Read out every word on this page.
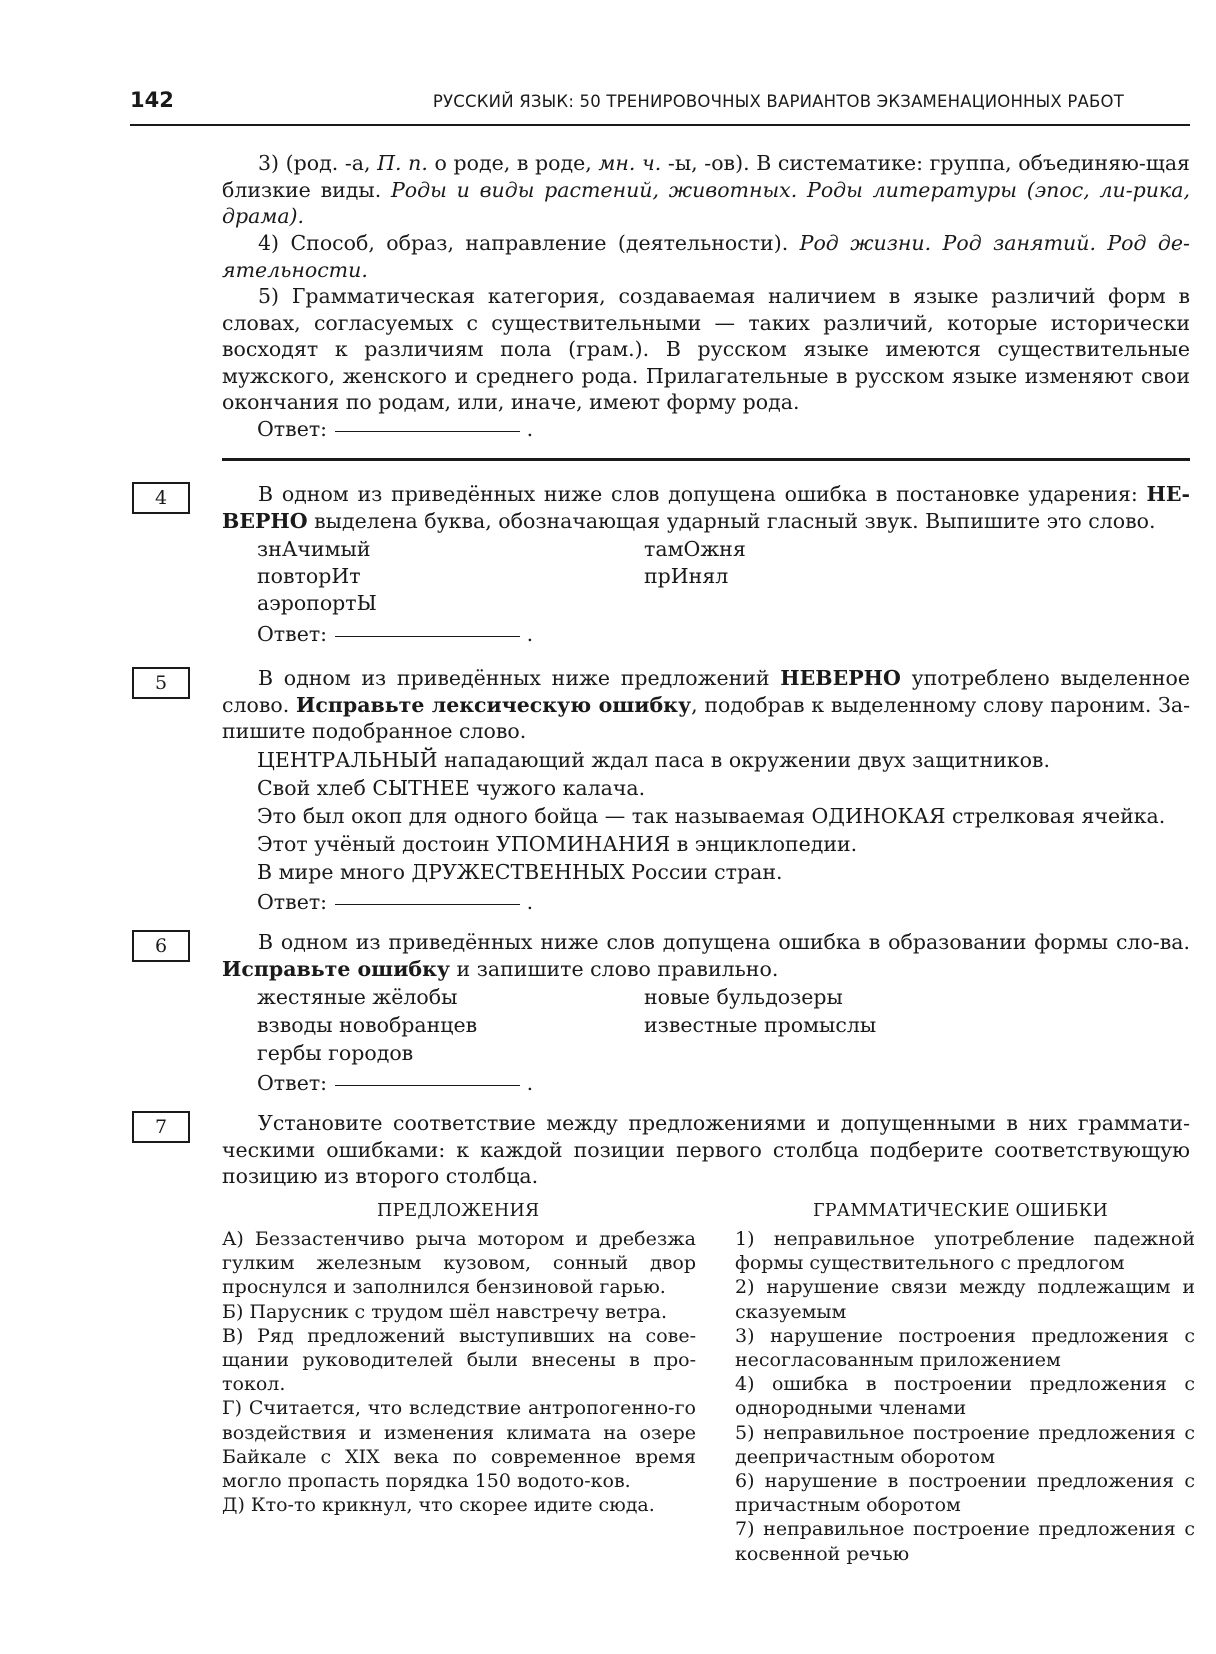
142	РУССКИЙ ЯЗЫК: 50 ТРЕНИРОВОЧНЫХ ВАРИАНТОВ ЭКЗАМЕНАЦИОННЫХ РАБОТ
3) (род. -а, П. п. о роде, в роде, мн. ч. -ы, -ов). В систематике: группа, объединяю-щая близкие виды. Роды и виды растений, животных. Роды литературы (эпос, ли-рика, драма).
4) Способ, образ, направление (деятельности). Род жизни. Род занятий. Род де-ятельности.
5) Грамматическая категория, создаваемая наличием в языке различий форм в словах, согласуемых с существительными — таких различий, которые исторически восходят к различиям пола (грам.). В русском языке имеются существительные мужского, женского и среднего рода. Прилагательные в русском языке изменяют свои окончания по родам, или, иначе, имеют форму рода.
Ответ:	.
4	В одном из приведённых ниже слов допущена ошибка в постановке ударения: НЕ-ВЕРНО выделена буква, обозначающая ударный гласный звук. Выпишите это слово.
знАчимый
повторИт
аэропортЫ
тамОжня
прИнял
Ответ:	.
5	В одном из приведённых ниже предложений НЕВЕРНО употреблено выделенное слово. Исправьте лексическую ошибку, подобрав к выделенному слову пароним. За-пишите подобранное слово.
ЦЕНТРАЛЬНЫЙ нападающий ждал паса в окружении двух защитников.
Свой хлеб СЫТНЕЕ чужого калача.
Это был окоп для одного бойца — так называемая ОДИНОКАЯ стрелковая ячейка.
Этот учёный достоин УПОМИНАНИЯ в энциклопедии.
В мире много ДРУЖЕСТВЕННЫХ России стран.
Ответ:	.
6	В одном из приведённых ниже слов допущена ошибка в образовании формы сло-ва. Исправьте ошибку и запишите слово правильно.
жестяные жёлобы
взводы новобранцев
гербы городов
новые бульдозеры
известные промыслы
Ответ:	.
7	Установите соответствие между предложениями и допущенными в них граммати-ческими ошибками: к каждой позиции первого столбца подберите соответствующую позицию из второго столбца.
ПРЕДЛОЖЕНИЯ	ГРАММАТИЧЕСКИЕ ОШИБКИ
А) Беззастенчиво рыча мотором и дребезжа гулким железным кузовом, сонный двор проснулся и заполнился бензиновой гарью.
Б) Парусник с трудом шёл навстречу ветра.
В) Ряд предложений выступивших на сове-щании руководителей были внесены в про-токол.
Г) Считается, что вследствие антропогенно-го воздействия и изменения климата на озере Байкале с XIX века по современное время могло пропасть порядка 150 водото-ков.
Д) Кто-то крикнул, что скорее идите сюда.
1) неправильное употребление падежной формы существительного с предлогом
2) нарушение связи между подлежащим и сказуемым
3) нарушение построения предложения с несогласованным приложением
4) ошибка в построении предложения с однородными членами
5) неправильное построение предложения с деепричастным оборотом
6) нарушение в построении предложения с причастным оборотом
7) неправильное построение предложения с косвенной речью
